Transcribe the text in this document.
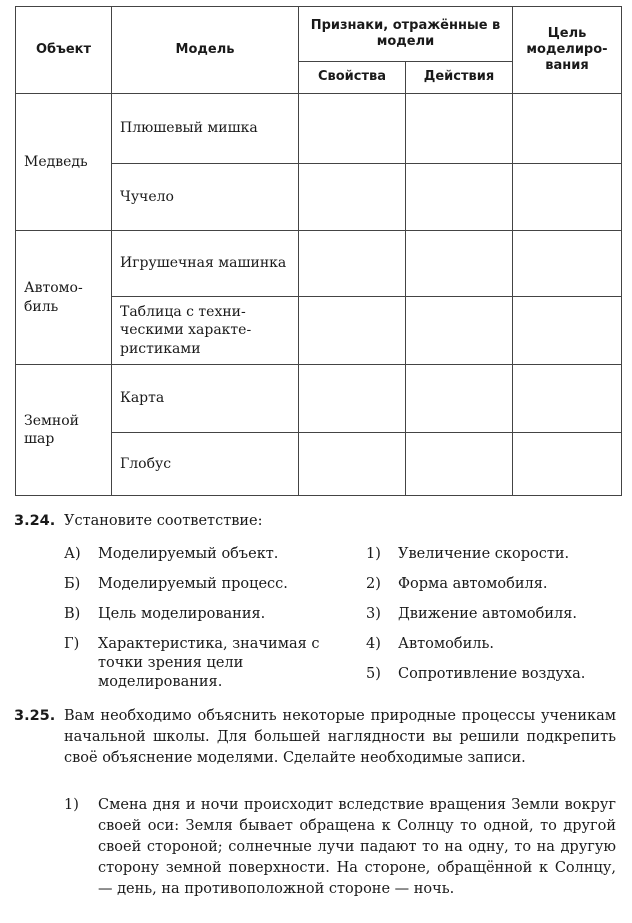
Объект	Модель	Признаки, отражённые в модели		Цель моделиро- вания
		Свойства	Действия	
Медведь	Плюшевый мишка			
	Чучело			
Автомо- биль	Игрушечная машинка			
	Таблица с техни- ческими характе- ристиками			
Земной шар	Карта			
	Глобус			
3.24. Установите соответствие:
А) Моделируемый объект.
Б) Моделируемый процесс.
В) Цель моделирования.
Г) Характеристика, значимая с точки зрения цели моделирования.
1) Увеличение скорости.
2) Форма автомобиля.
3) Движение автомобиля.
4) Автомобиль.
5) Сопротивление воздуха.
3.25. Вам необходимо объяснить некоторые природные процессы ученикам начальной школы. Для большей наглядности вы решили подкрепить своё объяснение моделями. Сделайте необходимые записи.
1) Смена дня и ночи происходит вследствие вращения Земли вокруг своей оси: Земля бывает обращена к Солнцу то одной, то другой своей стороной; солнечные лучи падают то на одну, то на другую сторону земной поверхности. На стороне, обращённой к Солнцу, — день, на противоположной стороне — ночь.
